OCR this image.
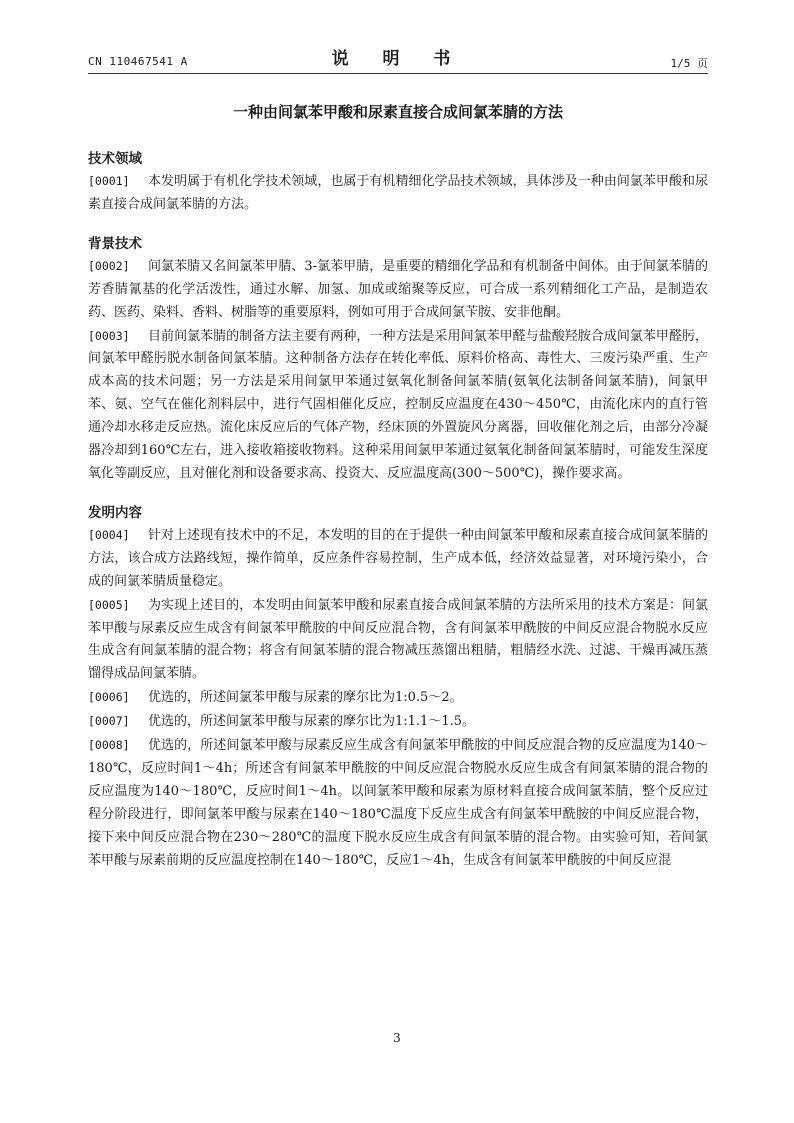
CN 110467541 A	说 明 书	1/5 页
一种由间氯苯甲酸和尿素直接合成间氯苯腈的方法

技术领域

[0001] 本发明属于有机化学技术领域，也属于有机精细化学品技术领域，具体涉及一种由间氯苯甲酸和尿素直接合成间氯苯腈的方法。

背景技术

[0002] 间氯苯腈又名间氯苯甲腈、3-氯苯甲腈，是重要的精细化学品和有机制备中间体。由于间氯苯腈的芳香腈氰基的化学活泼性，通过水解、加氢、加成或缩聚等反应，可合成一系列精细化工产品，是制造农药、医药、染料、香料、树脂等的重要原料，例如可用于合成间氯苄胺、安非他酮。

[0003] 目前间氯苯腈的制备方法主要有两种，一种方法是采用间氯苯甲醛与盐酸羟胺合成间氯苯甲醛肟，间氯苯甲醛肟脱水制备间氯苯腈。这种制备方法存在转化率低、原料价格高、毒性大、三废污染严重、生产成本高的技术问题；另一方法是采用间氯甲苯通过氨氧化制备间氯苯腈(氨氧化法制备间氯苯腈)，间氯甲苯、氨、空气在催化剂料层中，进行气固相催化反应，控制反应温度在430～450℃，由流化床内的直行管通冷却水移走反应热。流化床反应后的气体产物，经床顶的外置旋风分离器，回收催化剂之后，由部分冷凝器冷却到160℃左右，进入接收箱接收物料。这种采用间氯甲苯通过氨氧化制备间氯苯腈时，可能发生深度氧化等副反应，且对催化剂和设备要求高、投资大、反应温度高(300～500℃)，操作要求高。

发明内容

[0004] 针对上述现有技术中的不足，本发明的目的在于提供一种由间氯苯甲酸和尿素直接合成间氯苯腈的方法，该合成方法路线短，操作简单，反应条件容易控制，生产成本低，经济效益显著，对环境污染小，合成的间氯苯腈质量稳定。

[0005] 为实现上述目的，本发明由间氯苯甲酸和尿素直接合成间氯苯腈的方法所采用的技术方案是：间氯苯甲酸与尿素反应生成含有间氯苯甲酰胺的中间反应混合物，含有间氯苯甲酰胺的中间反应混合物脱水反应生成含有间氯苯腈的混合物；将含有间氯苯腈的混合物减压蒸馏出粗腈，粗腈经水洗、过滤、干燥再减压蒸馏得成品间氯苯腈。

[0006] 优选的，所述间氯苯甲酸与尿素的摩尔比为1:0.5～2。

[0007] 优选的，所述间氯苯甲酸与尿素的摩尔比为1:1.1～1.5。

[0008] 优选的，所述间氯苯甲酸与尿素反应生成含有间氯苯甲酰胺的中间反应混合物的反应温度为140～180℃，反应时间1～4h；所述含有间氯苯甲酰胺的中间反应混合物脱水反应生成含有间氯苯腈的混合物的反应温度为140～180℃，反应时间1～4h。以间氯苯甲酸和尿素为原材料直接合成间氯苯腈，整个反应过程分阶段进行，即间氯苯甲酸与尿素在140～180℃温度下反应生成含有间氯苯甲酰胺的中间反应混合物，接下来中间反应混合物在230～280℃的温度下脱水反应生成含有间氯苯腈的混合物。由实验可知，若间氯苯甲酸与尿素前期的反应温度控制在140～180℃，反应1～4h，生成含有间氯苯甲酰胺的中间反应混

3
